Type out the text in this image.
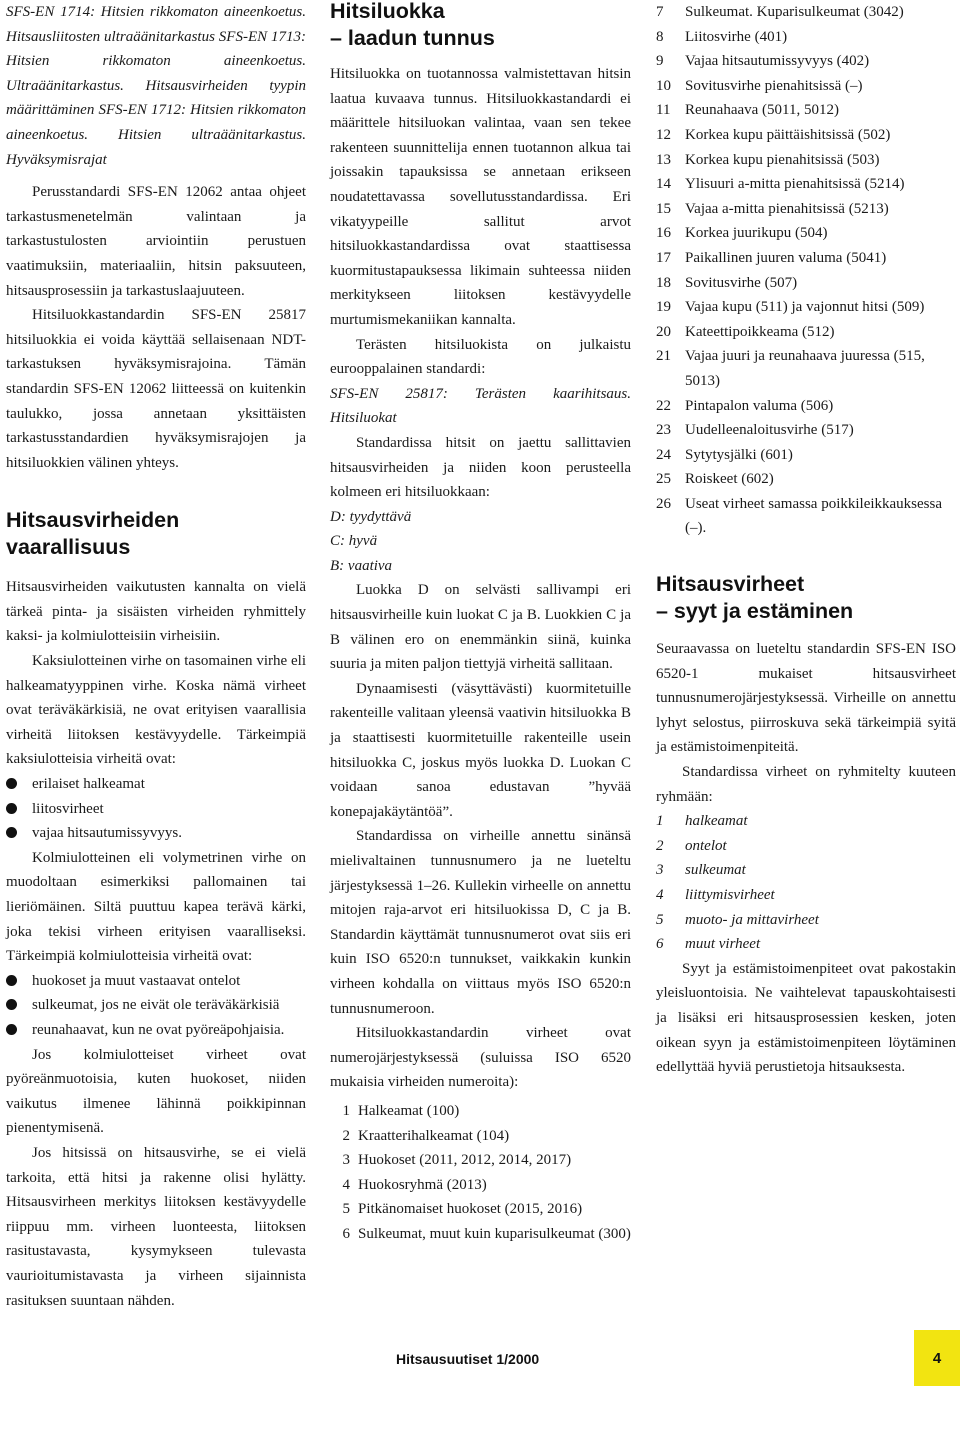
SFS-EN 1714: Hitsien rikkomaton aineenkoetus. Hitsausliitosten ultraäänitarkastus SFS-EN 1713: Hitsien rikkomaton aineenkoetus. Ultraäänitarkastus. Hitsausvirheiden tyypin määrittäminen SFS-EN 1712: Hitsien rikkomaton aineenkoetus. Hitsien ultraäänitarkastus. Hyväksymisrajat

Perusstandardi SFS-EN 12062 antaa ohjeet tarkastusmenetelmän valintaan ja tarkastustulosten arviointiin perustuen vaatimuksiin, materiaaliin, hitsin paksuuteen, hitsausprosessiin ja tarkastuslaajuuteen.

Hitsiluokkastandardin SFS-EN 25817 hitsiluokkia ei voida käyttää sellaisenaan NDT-tarkastuksen hyväksymisrajoina. Tämän standardin SFS-EN 12062 liitteessä on kuitenkin taulukko, jossa annetaan yksittäisten tarkastusstandardien hyväksymisrajojen ja hitsiluokkien välinen yhteys.

Hitsausvirheiden
vaarallisuus

Hitsausvirheiden vaikutusten kannalta on vielä tärkeä pinta- ja sisäisten virheiden ryhmittely kaksi- ja kolmiulotteisiin virheisiin.

Kaksiulotteinen virhe on tasomainen virhe eli halkeamatyyppinen virhe. Koska nämä virheet ovat teräväkärkisiä, ne ovat erityisen vaarallisia virheitä liitoksen kestävyydelle. Tärkeimpiä kaksiulotteisia virheitä ovat:

erilaiset halkeamat
liitosvirheet
vajaa hitsautumissyvyys.

Kolmiulotteinen eli volymetrinen virhe on muodoltaan esimerkiksi pallomainen tai lieriömäinen. Siltä puuttuu kapea terävä kärki, joka tekisi virheen erityisen vaaralliseksi. Tärkeimpiä kolmiulotteisia virheitä ovat:

huokoset ja muut vastaavat ontelot
sulkeumat, jos ne eivät ole teräväkärkisiä
reunahaavat, kun ne ovat pyöreäpohjaisia.

Jos kolmiulotteiset virheet ovat pyöreänmuotoisia, kuten huokoset, niiden vaikutus ilmenee lähinnä poikkipinnan pienentymisenä.

Jos hitsissä on hitsausvirhe, se ei vielä tarkoita, että hitsi ja rakenne olisi hylätty. Hitsausvirheen merkitys liitoksen kestävyydelle riippuu mm. virheen luonteesta, liitoksen rasitustavasta, kysymykseen tulevasta vaurioitumistavasta ja virheen sijainnista rasituksen suuntaan nähden.

Hitsiluokka
– laadun tunnus

Hitsiluokka on tuotannossa valmistettavan hitsin laatua kuvaava tunnus. Hitsiluokkastandardi ei määrittele hitsiluokan valintaa, vaan sen tekee rakenteen suunnittelija ennen tuotannon alkua tai joissakin tapauksissa se annetaan erikseen noudatettavassa sovellutusstandardissa. Eri vikatyypeille sallitut arvot hitsiluokkastandardissa ovat staattisessa kuormitustapauksessa likimain suhteessa niiden merkitykseen liitoksen kestävyydelle murtumismekaniikan kannalta.

Terästen hitsiluokista on julkaistu eurooppalainen standardi:

SFS-EN 25817: Terästen kaarihitsaus. Hitsiluokat

Standardissa hitsit on jaettu sallittavien hitsausvirheiden ja niiden koon perusteella kolmeen eri hitsiluokkaan:

D: tyydyttävä

C: hyvä

B: vaativa

Luokka D on selvästi sallivampi eri hitsausvirheille kuin luokat C ja B. Luokkien C ja B välinen ero on enemmänkin siinä, kuinka suuria ja miten paljon tiettyjä virheitä sallitaan.

Dynaamisesti (väsyttävästi) kuormitetuille rakenteille valitaan yleensä vaativin hitsiluokka B ja staattisesti kuormitetuille rakenteille usein hitsiluokka C, joskus myös luokka D. Luokan C voidaan sanoa edustavan ”hyvää konepajakäytäntöä”.

Standardissa on virheille annettu sinänsä mielivaltainen tunnusnumero ja ne lueteltu järjestyksessä 1–26. Kullekin virheelle on annettu mitojen raja-arvot eri hitsiluokissa D, C ja B. Standardin käyttämät tunnusnumerot ovat siis eri kuin ISO 6520:n tunnukset, vaikkakin kunkin virheen kohdalla on viittaus myös ISO 6520:n tunnusnumeroon.

Hitsiluokkastandardin virheet ovat numerojärjestyksessä (suluissa ISO 6520 mukaisia virheiden numeroita):

1 Halkeamat (100)
2 Kraatterihalkeamat (104)
3 Huokoset (2011, 2012, 2014, 2017)
4 Huokosryhmä (2013)
5 Pitkänomaiset huokoset (2015, 2016)
6 Sulkeumat, muut kuin kuparisulkeumat (300)
7	Sulkeumat. Kuparisulkeumat (3042)
8	Liitosvirhe (401)
9	Vajaa hitsautumissyvyys (402)
10 Sovitusvirhe pienahitsissä (–)
11 Reunahaava (5011, 5012)
12 Korkea kupu päittäishitsissä (502)
13 Korkea kupu pienahitsissä (503)
14 Ylisuuri a-mitta pienahitsissä (5214)
15 Vajaa a-mitta pienahitsissä (5213)
16 Korkea juurikupu (504)
17 Paikallinen juuren valuma (5041)
18 Sovitusvirhe (507)
19 Vajaa kupu (511) ja vajonnut hitsi (509)
20 Kateettipoikkeama (512)
21 Vajaa juuri ja reunahaava juuressa (515, 5013)
22 Pintapalon valuma (506)
23 Uudelleenaloitusvirhe (517)
24 Sytytysjälki (601)
25 Roiskeet (602)
26 Useat virheet samassa poikkileikkauksessa (–).
Hitsausvirheet
– syyt ja estäminen

Seuraavassa on lueteltu standardin SFS-EN ISO 6520-1 mukaiset hitsausvirheet tunnusnumerojärjestyksessä. Virheille on annettu lyhyt selostus, piirroskuva sekä tärkeimpiä syitä ja estämistoimenpiteitä.

Standardissa virheet on ryhmitelty kuuteen ryhmään:

1	halkeamat
2	ontelot
3	sulkeumat
4	liittymisvirheet
5	muoto- ja mittavirheet
6	muut virheet

Syyt ja estämistoimenpiteet ovat pakostakin yleisluontoisia. Ne vaihtelevat tapauskohtaisesti ja lisäksi eri hitsausprosessien kesken, joten oikean syyn ja estämistoimenpiteen löytäminen edellyttää hyviä perustietoja hitsauksesta.

Hitsausuutiset 1/2000	4
